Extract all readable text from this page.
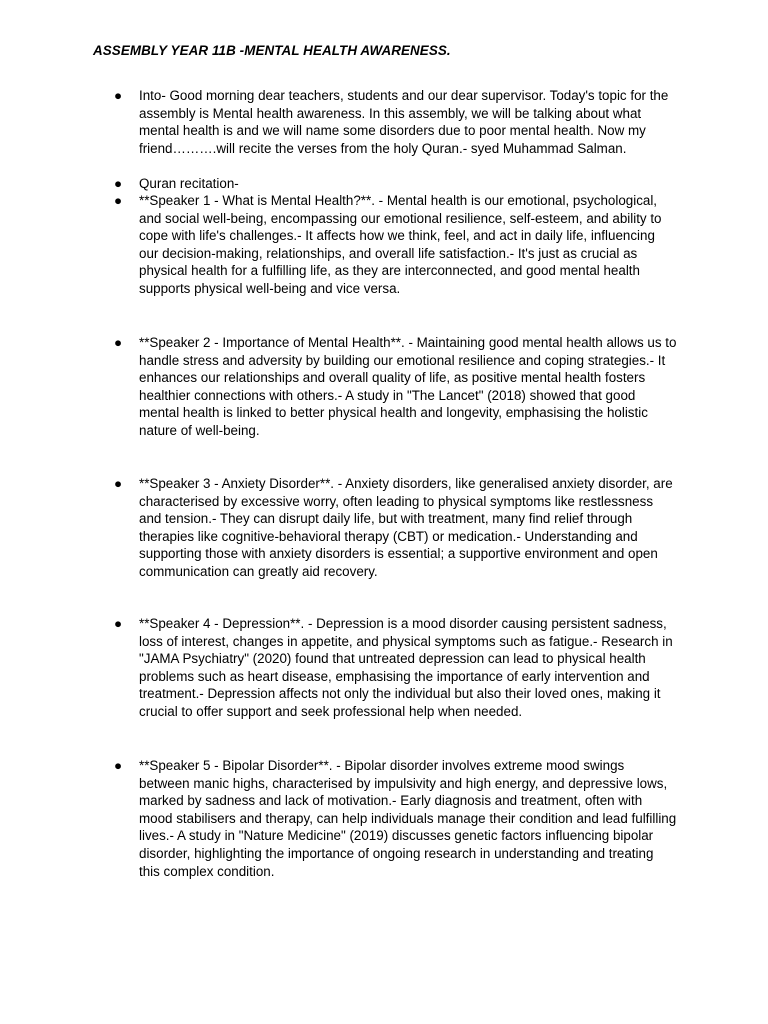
ASSEMBLY YEAR 11B -MENTAL HEALTH AWARENESS.
● Into- Good morning dear teachers, students and our dear supervisor. Today's topic for the assembly is Mental health awareness. In this assembly, we will be talking about what mental health is and we will name some disorders due to poor mental health. Now my friend……….will recite the verses from the holy Quran.- syed Muhammad Salman.

● Quran recitation-

● **Speaker 1 - What is Mental Health?**. - Mental health is our emotional, psychological, and social well-being, encompassing our emotional resilience, self-esteem, and ability to cope with life's challenges.- It affects how we think, feel, and act in daily life, influencing our decision-making, relationships, and overall life satisfaction.- It's just as crucial as physical health for a fulfilling life, as they are interconnected, and good mental health supports physical well-being and vice versa.

● **Speaker 2 - Importance of Mental Health**. - Maintaining good mental health allows us to handle stress and adversity by building our emotional resilience and coping strategies.- It enhances our relationships and overall quality of life, as positive mental health fosters healthier connections with others.- A study in "The Lancet" (2018) showed that good mental health is linked to better physical health and longevity, emphasising the holistic nature of well-being.

● **Speaker 3 - Anxiety Disorder**. - Anxiety disorders, like generalised anxiety disorder, are characterised by excessive worry, often leading to physical symptoms like restlessness and tension.- They can disrupt daily life, but with treatment, many find relief through therapies like cognitive-behavioral therapy (CBT) or medication.- Understanding and supporting those with anxiety disorders is essential; a supportive environment and open communication can greatly aid recovery.

● **Speaker 4 - Depression**. - Depression is a mood disorder causing persistent sadness, loss of interest, changes in appetite, and physical symptoms such as fatigue.- Research in "JAMA Psychiatry" (2020) found that untreated depression can lead to physical health problems such as heart disease, emphasising the importance of early intervention and treatment.- Depression affects not only the individual but also their loved ones, making it crucial to offer support and seek professional help when needed.

● **Speaker 5 - Bipolar Disorder**. - Bipolar disorder involves extreme mood swings between manic highs, characterised by impulsivity and high energy, and depressive lows, marked by sadness and lack of motivation.- Early diagnosis and treatment, often with mood stabilisers and therapy, can help individuals manage their condition and lead fulfilling lives.- A study in "Nature Medicine" (2019) discusses genetic factors influencing bipolar disorder, highlighting the importance of ongoing research in understanding and treating this complex condition.
